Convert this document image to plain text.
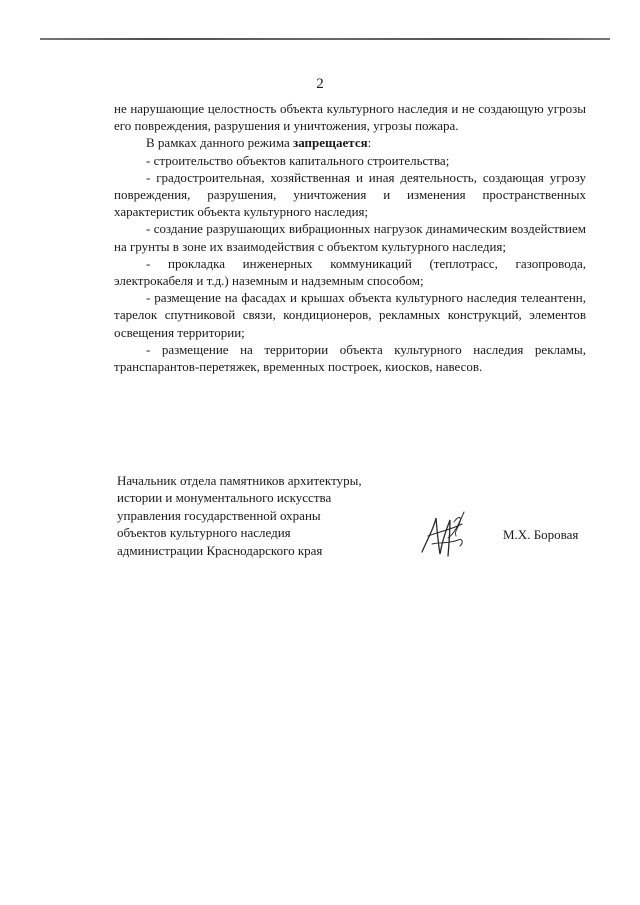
2

не нарушающие целостность объекта культурного наследия и не создающую угрозы его повреждения, разрушения и уничтожения, угрозы пожара.

В рамках данного режима запрещается:

- строительство объектов капитального строительства;

- градостроительная, хозяйственная и иная деятельность, создающая угрозу повреждения, разрушения, уничтожения и изменения пространственных характеристик объекта культурного наследия;

- создание разрушающих вибрационных нагрузок динамическим воздействием на грунты в зоне их взаимодействия с объектом культурного наследия;

- прокладка инженерных коммуникаций (теплотрасс, газопровода, электрокабеля и т.д.) наземным и надземным способом;

- размещение на фасадах и крышах объекта культурного наследия телеантенн, тарелок спутниковой связи, кондиционеров, рекламных конструкций, элементов освещения территории;

- размещение на территории объекта культурного наследия рекламы, транспарантов-перетяжек, временных построек, киосков, навесов.

Начальник отдела памятников архитектуры,
истории и монументального искусства
управления государственной охраны
объектов культурного наследия
администрации Краснодарского края
М.Х. Боровая
